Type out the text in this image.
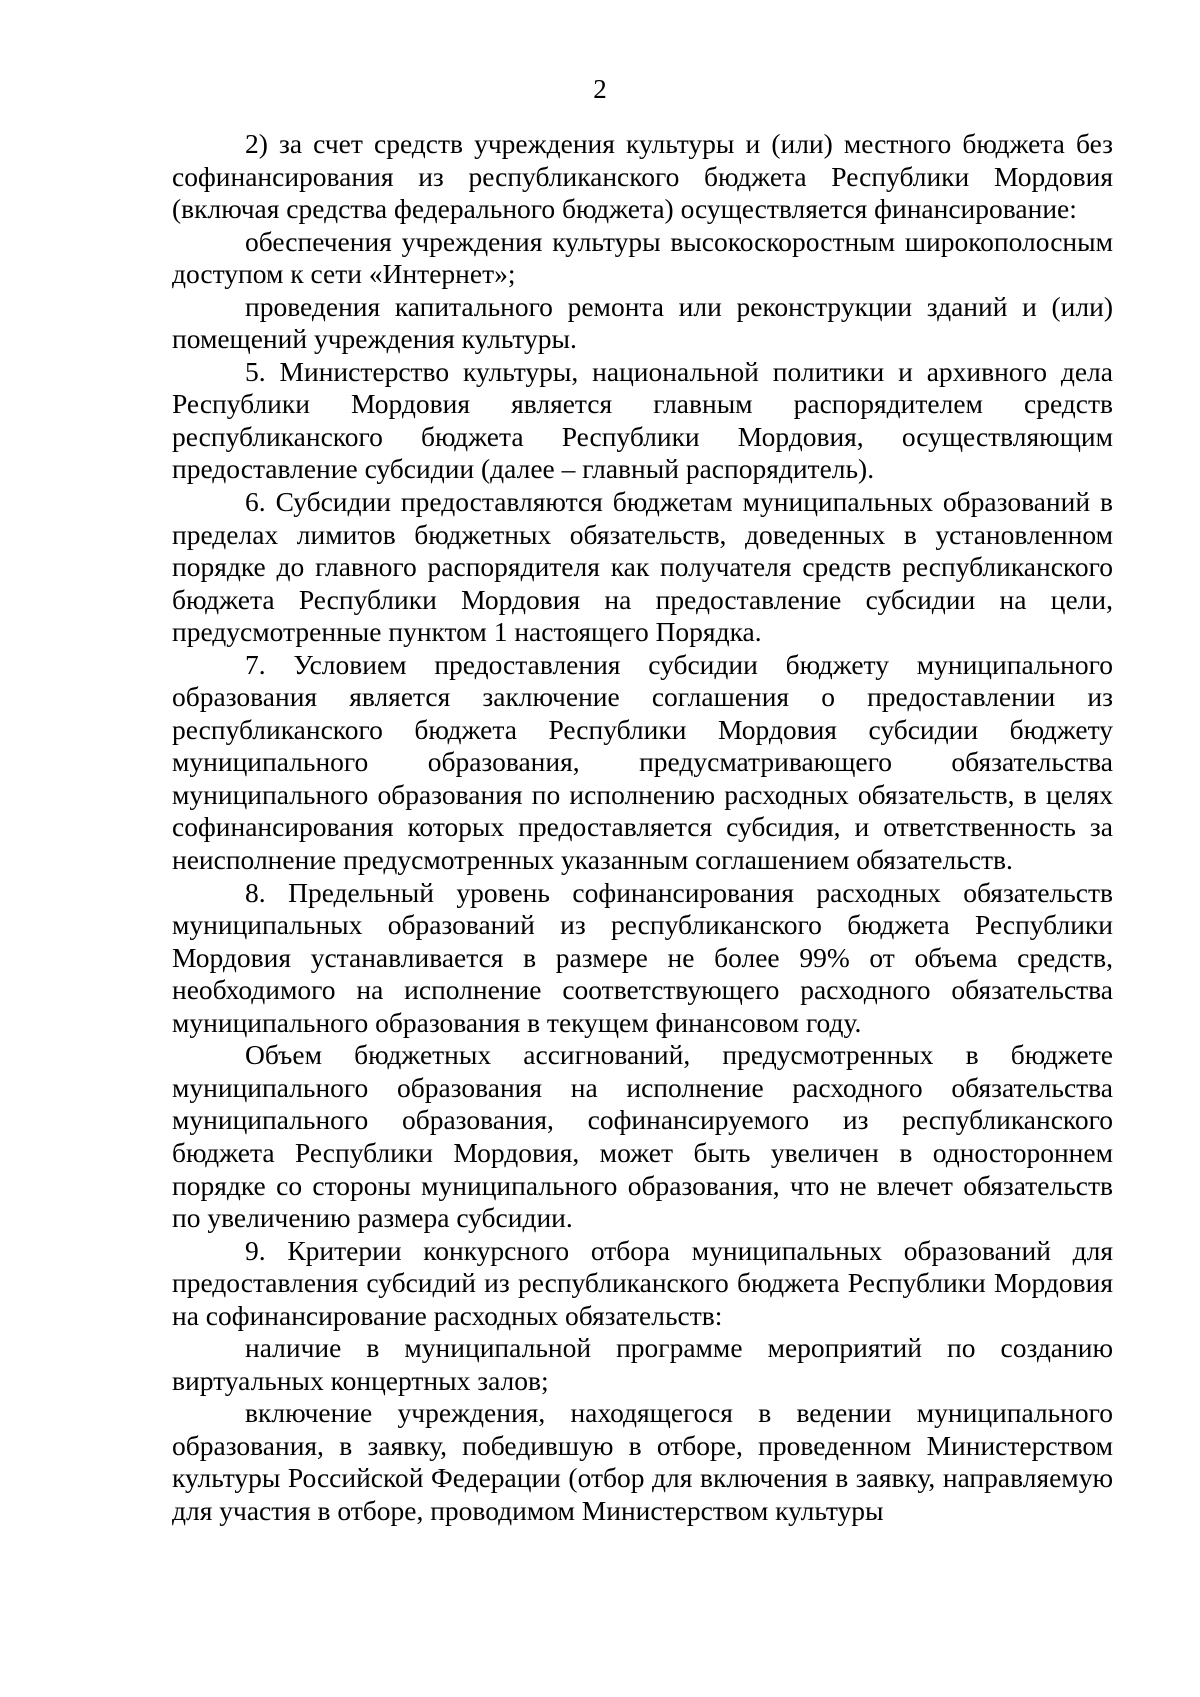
2

2) за счет средств учреждения культуры и (или) местного бюджета без софинансирования из республиканского бюджета Республики Мордовия (включая средства федерального бюджета) осуществляется финансирование:

обеспечения учреждения культуры высокоскоростным широкополосным доступом к сети «Интернет»;

проведения капитального ремонта или реконструкции зданий и (или) помещений учреждения культуры.

5. Министерство культуры, национальной политики и архивного дела Республики Мордовия является главным распорядителем средств республиканского бюджета Республики Мордовия, осуществляющим предоставление субсидии (далее – главный распорядитель).

6. Субсидии предоставляются бюджетам муниципальных образований в пределах лимитов бюджетных обязательств, доведенных в установленном порядке до главного распорядителя как получателя средств республиканского бюджета Республики Мордовия на предоставление субсидии на цели, предусмотренные пунктом 1 настоящего Порядка.

7. Условием предоставления субсидии бюджету муниципального образования является заключение соглашения о предоставлении из республиканского бюджета Республики Мордовия субсидии бюджету муниципального образования, предусматривающего обязательства муниципального образования по исполнению расходных обязательств, в целях софинансирования которых предоставляется субсидия, и ответственность за неисполнение предусмотренных указанным соглашением обязательств.

8. Предельный уровень софинансирования расходных обязательств муниципальных образований из республиканского бюджета Республики Мордовия устанавливается в размере не более 99% от объема средств, необходимого на исполнение соответствующего расходного обязательства муниципального образования в текущем финансовом году.

Объем бюджетных ассигнований, предусмотренных в бюджете муниципального образования на исполнение расходного обязательства муниципального образования, софинансируемого из республиканского бюджета Республики Мордовия, может быть увеличен в одностороннем порядке со стороны муниципального образования, что не влечет обязательств по увеличению размера субсидии.

9. Критерии конкурсного отбора муниципальных образований для предоставления субсидий из республиканского бюджета Республики Мордовия на софинансирование расходных обязательств:

наличие в муниципальной программе мероприятий по созданию виртуальных концертных залов;

включение учреждения, находящегося в ведении муниципального образования, в заявку, победившую в отборе, проведенном Министерством культуры Российской Федерации (отбор для включения в заявку, направляемую для участия в отборе, проводимом Министерством культуры
